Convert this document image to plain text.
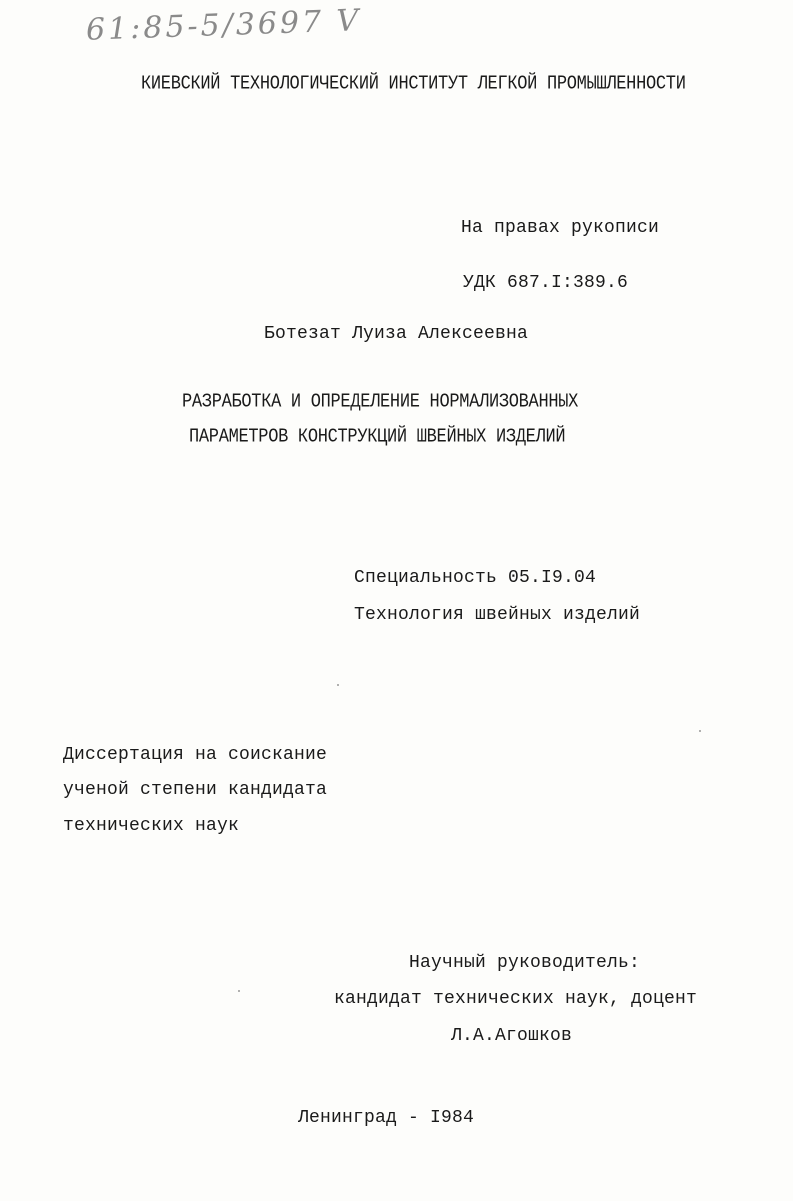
61:85-5/3697 V
КИЕВСКИЙ ТЕХНОЛОГИЧЕСКИЙ ИНСТИТУТ ЛЕГКОЙ ПРОМЫШЛЕННОСТИ
На правах рукописи
УДК 687.I:389.6
Ботезат Луиза Алексеевна
РАЗРАБОТКА И ОПРЕДЕЛЕНИЕ НОРМАЛИЗОВАННЫХ
ПАРАМЕТРОВ КОНСТРУКЦИЙ ШВЕЙНЫХ ИЗДЕЛИЙ
Специальность 05.I9.04
Технология швейных изделий
Диссертация на соискание
ученой степени кандидата
технических наук
Научный руководитель:
кандидат технических наук, доцент
Л.А.Агошков
Ленинград - I984
